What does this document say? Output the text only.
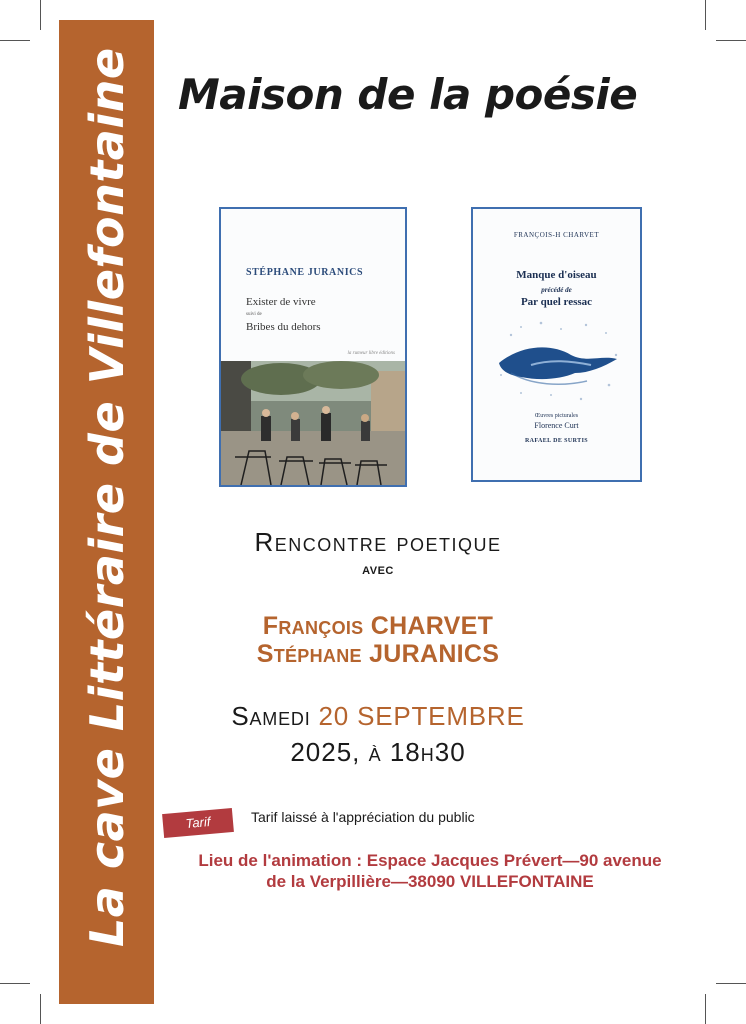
La cave Littéraire de Villefontaine Maison de la poésie
STÉPHANE JURANICS
Exister de vivre
suivi de
Bribes du dehors
la rumeur libre éditions
FRANÇOIS-H CHARVET
Manque d'oiseau
précédé de
Par quel ressac
Œuvres picturales
Florence Curt
RAFAEL DE SURTIS
Rencontre poetique
avec
François CHARVET
Stéphane JURANICS
Samedi 20 SEPTEMBRE
2025, à 18h30
Tarif	Tarif laissé à l'appréciation du public
Lieu de l'animation : Espace Jacques Prévert—90 avenue
de la Verpillière—38090 VILLEFONTAINE
